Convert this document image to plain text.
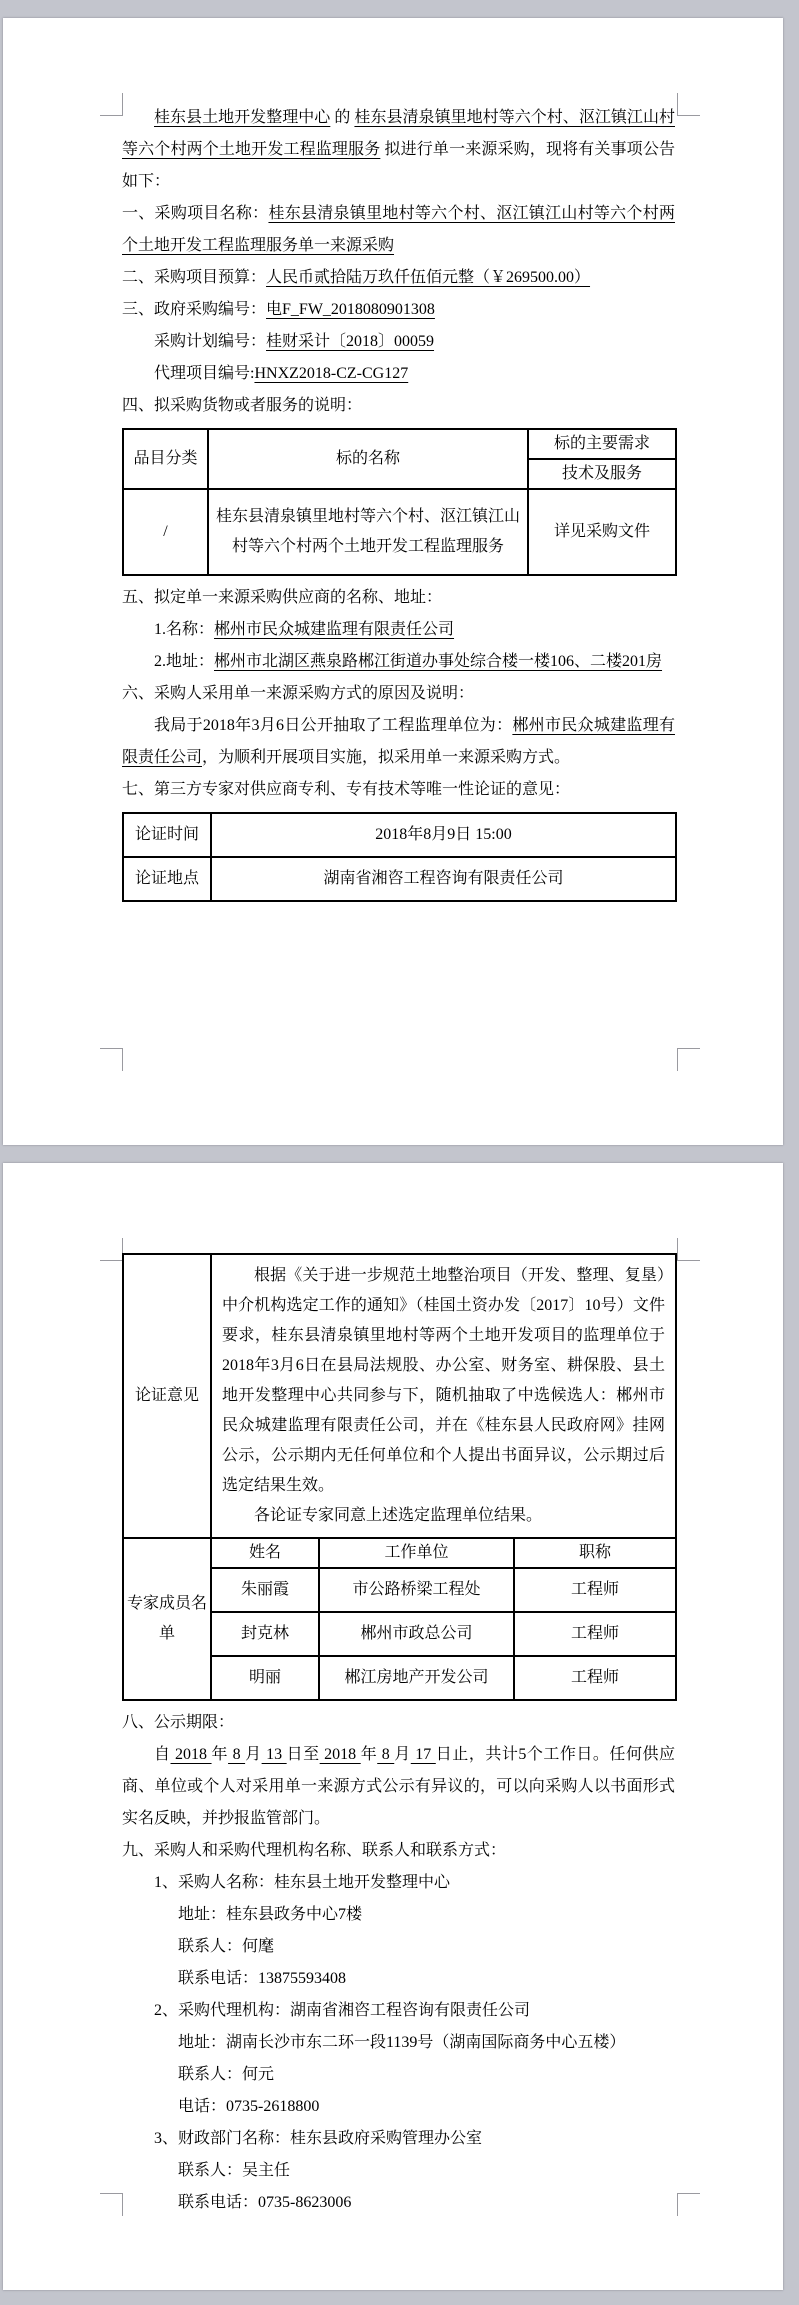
桂东县土地开发整理中心 的 桂东县清泉镇里地村等六个村、沤江镇江山村等六个村两个土地开发工程监理服务 拟进行单一来源采购，现将有关事项公告如下：

一、采购项目名称：桂东县清泉镇里地村等六个村、沤江镇江山村等六个村两个土地开发工程监理服务单一来源采购

二、采购项目预算：人民币贰拾陆万玖仟伍佰元整（￥269500.00）

三、政府采购编号：电F_FW_2018080901308

采购计划编号：桂财采计〔2018〕00059

代理项目编号:HNXZ2018-CZ-CG127

四、拟采购货物或者服务的说明：

品目分类	标的名称	标的主要需求
		技术及服务
/	桂东县清泉镇里地村等六个村、沤江镇江山村等六个村两个土地开发工程监理服务	详见采购文件

五、拟定单一来源采购供应商的名称、地址：

1.名称：郴州市民众城建监理有限责任公司

2.地址：郴州市北湖区燕泉路郴江街道办事处综合楼一楼106、二楼201房

六、采购人采用单一来源采购方式的原因及说明：

我局于2018年3月6日公开抽取了工程监理单位为：郴州市民众城建监理有限责任公司，为顺利开展项目实施，拟采用单一来源采购方式。

七、第三方专家对供应商专利、专有技术等唯一性论证的意见：

论证时间	2018年8月9日 15:00
论证地点	湖南省湘咨工程咨询有限责任公司
论证意见	根据《关于进一步规范土地整治项目（开发、整理、复垦）中介机构选定工作的通知》（桂国土资办发〔2017〕10号）文件要求，桂东县清泉镇里地村等两个土地开发项目的监理单位于2018年3月6日在县局法规股、办公室、财务室、耕保股、县土地开发整理中心共同参与下，随机抽取了中选候选人：郴州市民众城建监理有限责任公司，并在《桂东县人民政府网》挂网公示，公示期内无任何单位和个人提出书面异议，公示期过后选定结果生效。

各论证专家同意上述选定监理单位结果。		

专家成员名单	姓名	工作单位	职称
	朱丽霞	市公路桥梁工程处	工程师
	封克林	郴州市政总公司	工程师
	明丽	郴江房地产开发公司	工程师

八、公示期限：

自 2018 年 8 月 13 日至 2018 年 8 月 17 日止，共计5个工作日。任何供应商、单位或个人对采用单一来源方式公示有异议的，可以向采购人以书面形式实名反映，并抄报监管部门。

九、采购人和采购代理机构名称、联系人和联系方式：

1、采购人名称：桂东县土地开发整理中心

地址：桂东县政务中心7楼

联系人：何麾

联系电话：13875593408

2、采购代理机构：湖南省湘咨工程咨询有限责任公司

地址：湖南长沙市东二环一段1139号（湖南国际商务中心五楼）

联系人：何元

电话：0735-2618800

3、财政部门名称：桂东县政府采购管理办公室

联系人：吴主任

联系电话：0735-8623006
